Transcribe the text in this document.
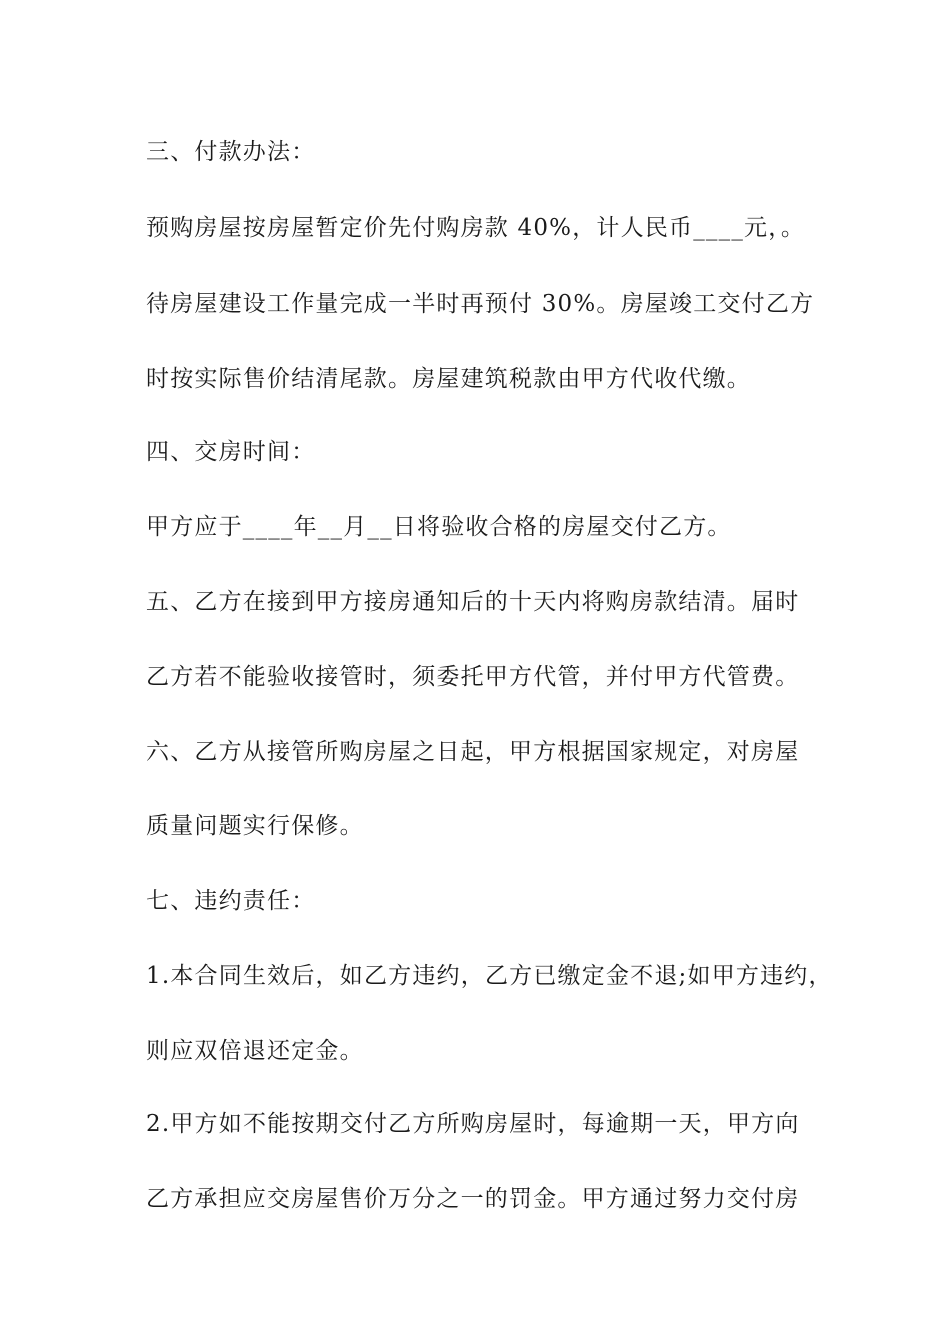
三、付款办法：
预购房屋按房屋暂定价先付购房款 40%，计人民币____元，。
待房屋建设工作量完成一半时再预付 30%。房屋竣工交付乙方
时按实际售价结清尾款。房屋建筑税款由甲方代收代缴。
四、交房时间：
甲方应于____年__月__日将验收合格的房屋交付乙方。
五、乙方在接到甲方接房通知后的十天内将购房款结清。届时
乙方若不能验收接管时，须委托甲方代管，并付甲方代管费。
六、乙方从接管所购房屋之日起，甲方根据国家规定，对房屋
质量问题实行保修。
七、违约责任：
1.本合同生效后，如乙方违约，乙方已缴定金不退;如甲方违约，
则应双倍退还定金。
2.甲方如不能按期交付乙方所购房屋时，每逾期一天，甲方向
乙方承担应交房屋售价万分之一的罚金。甲方通过努力交付房
